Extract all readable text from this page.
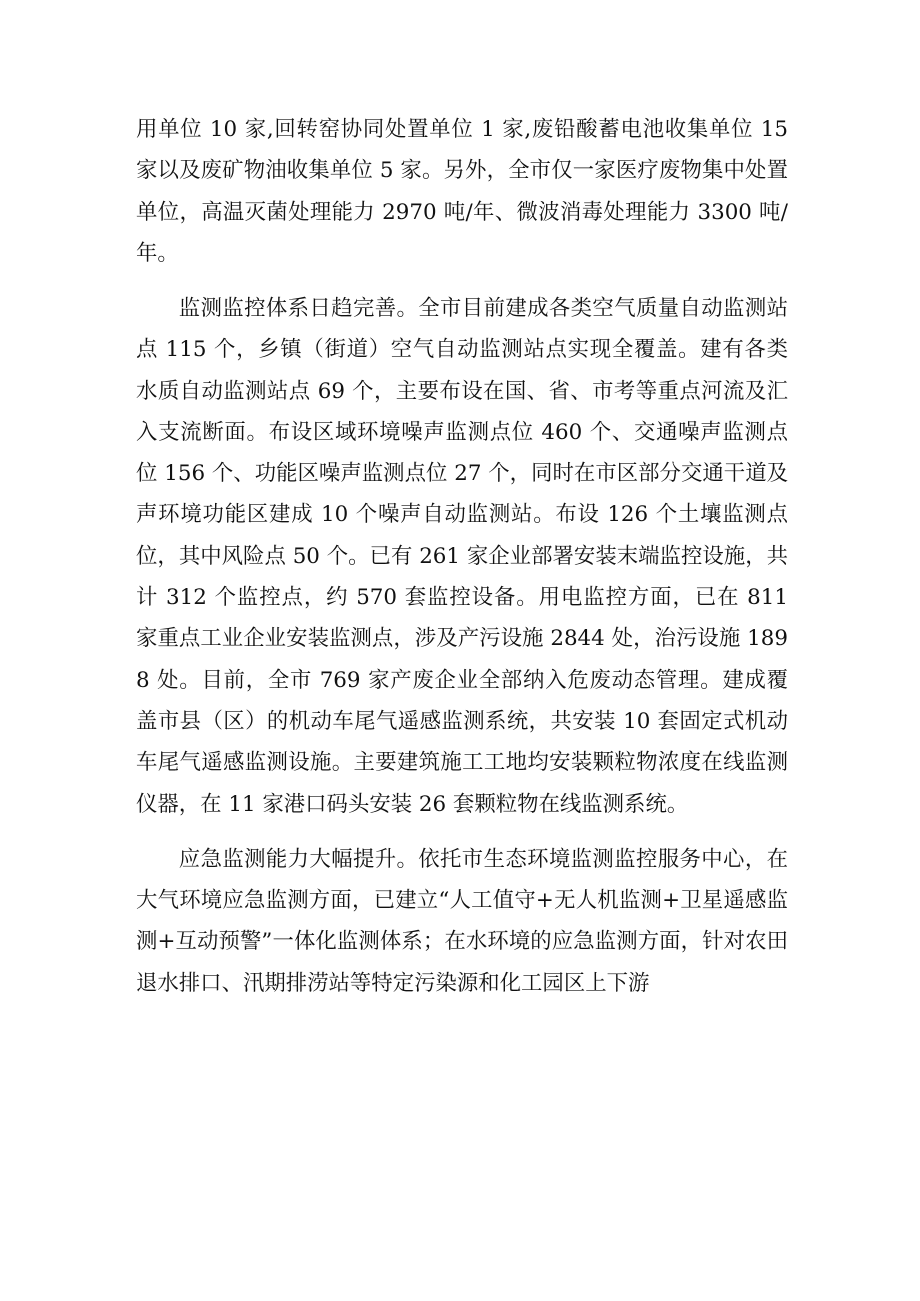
用单位 10 家,回转窑协同处置单位 1 家,废铅酸蓄电池收集单位 15 家以及废矿物油收集单位 5 家。另外，全市仅一家医疗废物集中处置单位，高温灭菌处理能力 2970 吨/年、微波消毒处理能力 3300 吨/年。

监测监控体系日趋完善。全市目前建成各类空气质量自动监测站点 115 个，乡镇（街道）空气自动监测站点实现全覆盖。建有各类水质自动监测站点 69 个，主要布设在国、省、市考等重点河流及汇入支流断面。布设区域环境噪声监测点位 460 个、交通噪声监测点位 156 个、功能区噪声监测点位 27 个，同时在市区部分交通干道及声环境功能区建成 10 个噪声自动监测站。布设 126 个土壤监测点位，其中风险点 50 个。已有 261 家企业部署安装末端监控设施，共计 312 个监控点，约 570 套监控设备。用电监控方面，已在 811 家重点工业企业安装监测点，涉及产污设施 2844 处，治污设施 1898 处。目前，全市 769 家产废企业全部纳入危废动态管理。建成覆盖市县（区）的机动车尾气遥感监测系统，共安装 10 套固定式机动车尾气遥感监测设施。主要建筑施工工地均安装颗粒物浓度在线监测仪器，在 11 家港口码头安装 26 套颗粒物在线监测系统。

应急监测能力大幅提升。依托市生态环境监测监控服务中心，在大气环境应急监测方面，已建立“人工值守+无人机监测+卫星遥感监测+互动预警”一体化监测体系；在水环境的应急监测方面，针对农田退水排口、汛期排涝站等特定污染源和化工园区上下游
